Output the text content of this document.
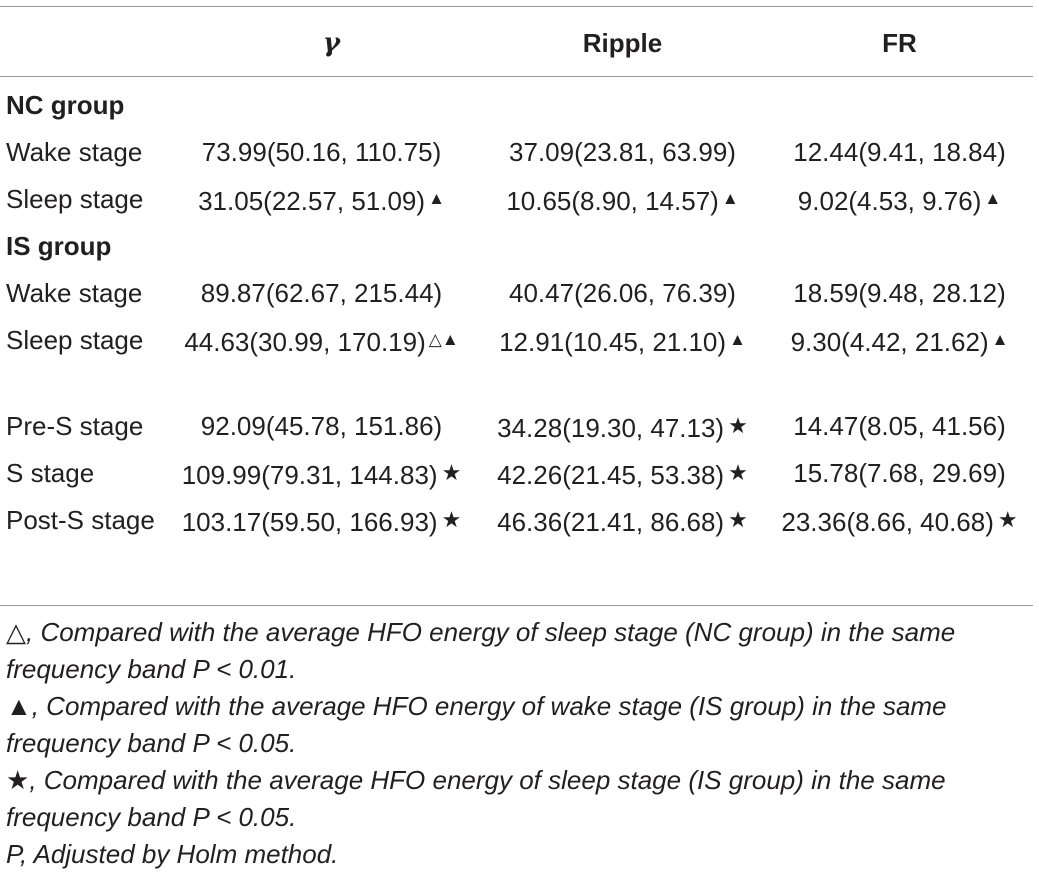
	γ	Ripple	FR
NC group			
Wake stage	73.99(50.16, 110.75)	37.09(23.81, 63.99)	12.44(9.41, 18.84)
Sleep stage	31.05(22.57, 51.09) ▲	10.65(8.90, 14.57) ▲	9.02(4.53, 9.76) ▲
IS group			
Wake stage	89.87(62.67, 215.44)	40.47(26.06, 76.39)	18.59(9.48, 28.12)
Sleep stage	44.63(30.99, 170.19) △▲	12.91(10.45, 21.10) ▲	9.30(4.42, 21.62) ▲
Pre-S stage	92.09(45.78, 151.86)	34.28(19.30, 47.13) ★	14.47(8.05, 41.56)
S stage	109.99(79.31, 144.83) ★	42.26(21.45, 53.38) ★	15.78(7.68, 29.69)
Post-S stage	103.17(59.50, 166.93) ★	46.36(21.41, 86.68) ★	23.36(8.66, 40.68) ★

△, Compared with the average HFO energy of sleep stage (NC group) in the same frequency band P < 0.01.

▲, Compared with the average HFO energy of wake stage (IS group) in the same frequency band P < 0.05.

★, Compared with the average HFO energy of sleep stage (IS group) in the same frequency band P < 0.05.

P, Adjusted by Holm method.
